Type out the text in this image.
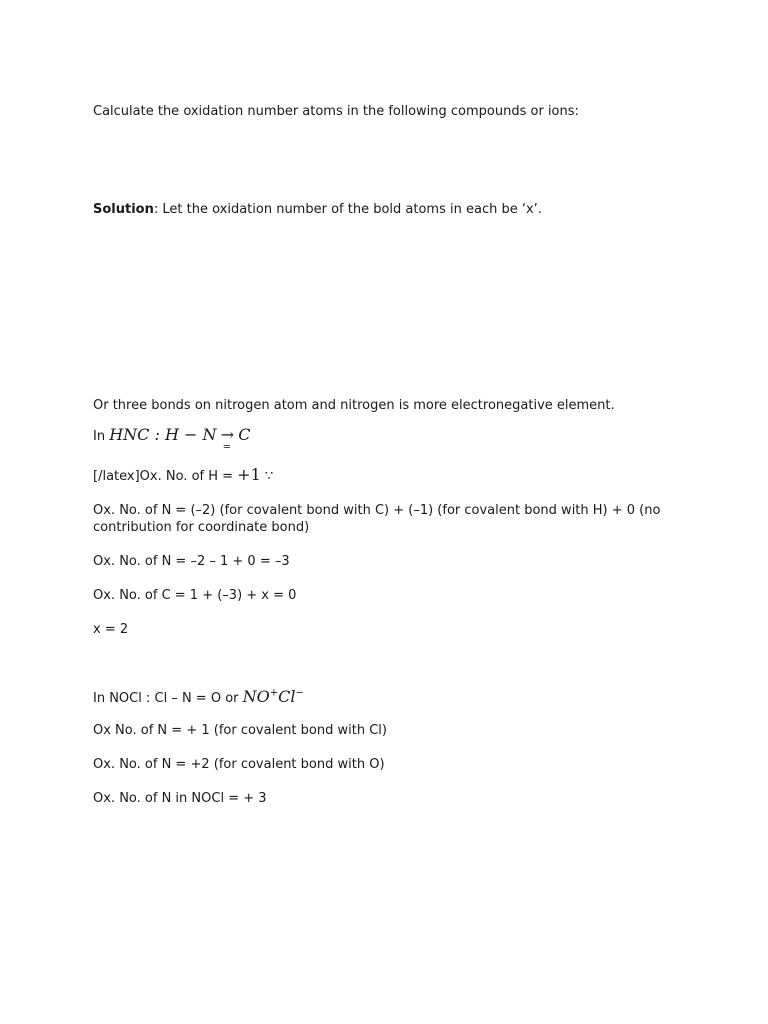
Calculate the oxidation number atoms in the following compounds or ions:

Solution: Let the oxidation number of the bold atoms in each be ‘x’.

Or three bonds on nitrogen atom and nitrogen is more electronegative element.

In HNC : H − N →
=
C

[/latex]Ox. No. of H = +1 ∵

Ox. No. of N = (–2) (for covalent bond with C) + (–1) (for covalent bond with H) + 0 (no contribution for coordinate bond)

Ox. No. of N = –2 – 1 + 0 = –3

Ox. No. of C = 1 + (–3) + x = 0

x = 2

In NOCl : Cl – N = O or NO+Cl−

Ox No. of N = + 1 (for covalent bond with Cl)

Ox. No. of N = +2 (for covalent bond with O)

Ox. No. of N in NOCl = + 3
